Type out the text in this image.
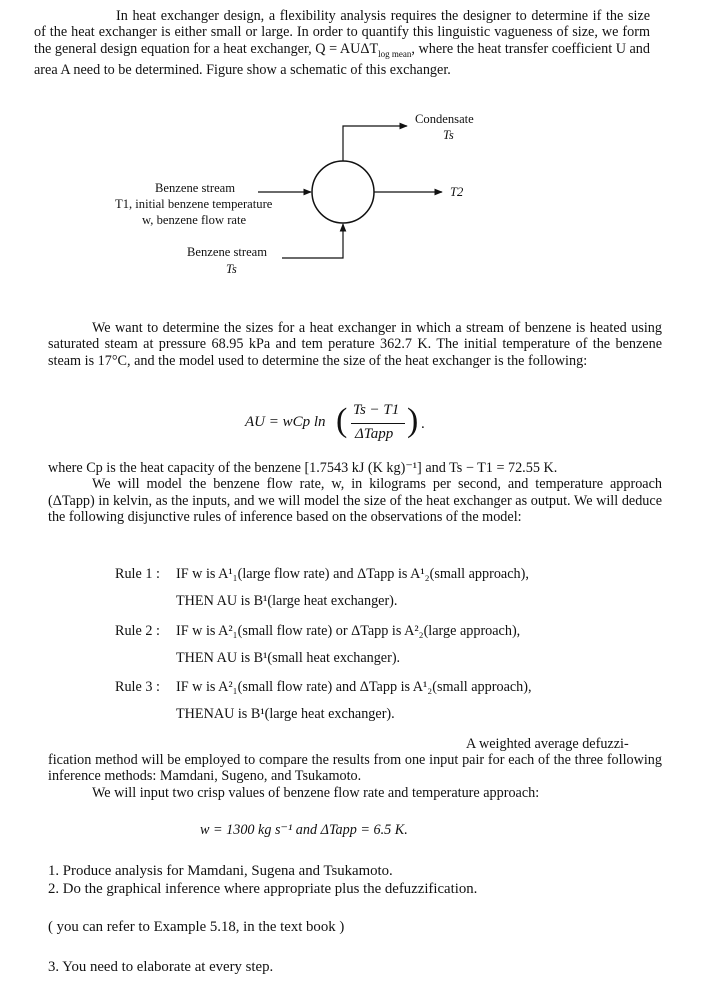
In heat exchanger design, a flexibility analysis requires the designer to determine if the size of the heat exchanger is either small or large. In order to quantify this linguistic vagueness of size, we form the general design equation for a heat exchanger, $Q = AU\Delta T_{log mean}$, where the heat transfer coefficient U and area A need to be determined. Figure show a schematic of this exchanger.

Condensate
Ts
T2
Benzene stream
T1, initial benzene temperature
w, benzene flow rate
Benzene stream
Ts

We want to determine the sizes for a heat exchanger in which a stream of benzene is heated using saturated steam at pressure 68.95 kPa and tem perature 362.7 K. The initial temperature of the benzene steam is 17°C, and the model used to determine the size of the heat exchanger is the following:

AU = wCp ln ( Ts − T1
ΔTapp ) .

where Cp is the heat capacity of the benzene [1.7543 kJ (K kg)⁻¹] and Ts − T1 = 72.55 K.

We will model the benzene flow rate, w, in kilograms per second, and temperature approach (ΔTapp) in kelvin, as the inputs, and we will model the size of the heat exchanger as output. We will deduce the following disjunctive rules of inference based on the observations of the model:

Rule 1 : IF w is A¹₁(large flow rate) and ΔTapp is A¹₂(small approach),
THEN AU is B¹(large heat exchanger).
Rule 2 : IF w is A²₁(small flow rate) or ΔTapp is A²₂(large approach),
THEN AU is B¹(small heat exchanger).
Rule 3 : IF w is A²₁(small flow rate) and ΔTapp is A¹₂(small approach),
THENAU is B¹(large heat exchanger).
A weighted average defuzzi-

fication method will be employed to compare the results from one input pair for each of the three following inference methods: Mamdani, Sugeno, and Tsukamoto.

We will input two crisp values of benzene flow rate and temperature approach:

w = 1300 kg s⁻¹ and ΔTapp = 6.5 K.
1. Produce analysis for Mamdani, Sugena and Tsukamoto.
2. Do the graphical inference where appropriate plus the defuzzification.
( you can refer to Example 5.18, in the text book )
3. You need to elaborate at every step.
